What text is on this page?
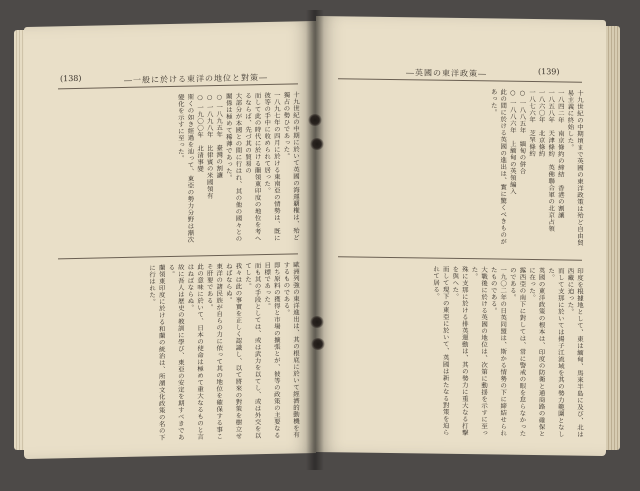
(138)	―一般に於ける東洋の地位と對策―
十九世紀の中期に於いて英國の海運覇権は、殆ど獨占の勢ひであった。
一八九七年の四月に於ける東南亞の情勢は、既に彼等の手中に收められて居った。
而して此の時代に於ける蘭領東印度の地位を考へるならば、先づ其の貿易の
大部分が本國との間に行はれ、其の他の國々との關係は極めて稀薄であった。
○ 一八九五年　臺灣の割讓
○ 一八九八年　比律賓の米國領有
○ 一九〇〇年　北清事變
斯くの如き經過を辿って、東亞の勢力分野は漸次變化を示すに至った。
歐洲列強の東洋進出は、其の根底に於いて經濟的動機を有するものである。
即ち原料の獲得と市場の擴張とが、彼等の政策の主要なる目標であった。
而も其の手段としては、或は武力を以てし、或は外交を以てした。
我々は此の事實を正しく認識し、以て將來の對策を樹立せねばならぬ。
東洋の諸民族が自らの力に依って其の地位を確保する事こそ肝要である。
此の意味に於いて、日本の使命は極めて重大なるものと言はねばならぬ。
故に吾人は歴史の教訓に學び、東亞の安定を期すべきである。
蘭領東印度に於ける和蘭の統治は、所謂文化政策の名の下に行はれた。
―英國の東洋政策―	(139)
十九世紀の中期頃まで英國の東洋政策は殆ど自由貿易主義に終始した。
一八四二年　南京條約の締結　香港の割讓
一八五八年　天津條約　英佛聯合軍の北京占領
一八六〇年　北京條約
一八七六年　芝罘條約
○ 一八八五年　緬甸の併合
○ 一八八六年　上緬甸の英領編入
此の間に於ける英國の進出は、實に驚くべきものがあった。
印度を根據地として、東は緬甸、馬來半島に及び、北は西藏に迫った。
而して支那に於いては揚子江流域を其の勢力範圍となした。
英國の東洋政策の根本は、印度の防衛と通商路の確保とに在った。
露西亞の南下に對しては、常に警戒の眼を怠らなかったのである。
一九〇二年の日英同盟は、斯かる情勢の下に締結せられたものである。
大戰後に於ける英國の地位は、次第に動揺を示すに至った。
殊に支那に於ける排英運動は、其の勢力に重大なる打撃を與へた。
而して現下の東亞に於いて、英國は新たなる對策を迫られて居る。
